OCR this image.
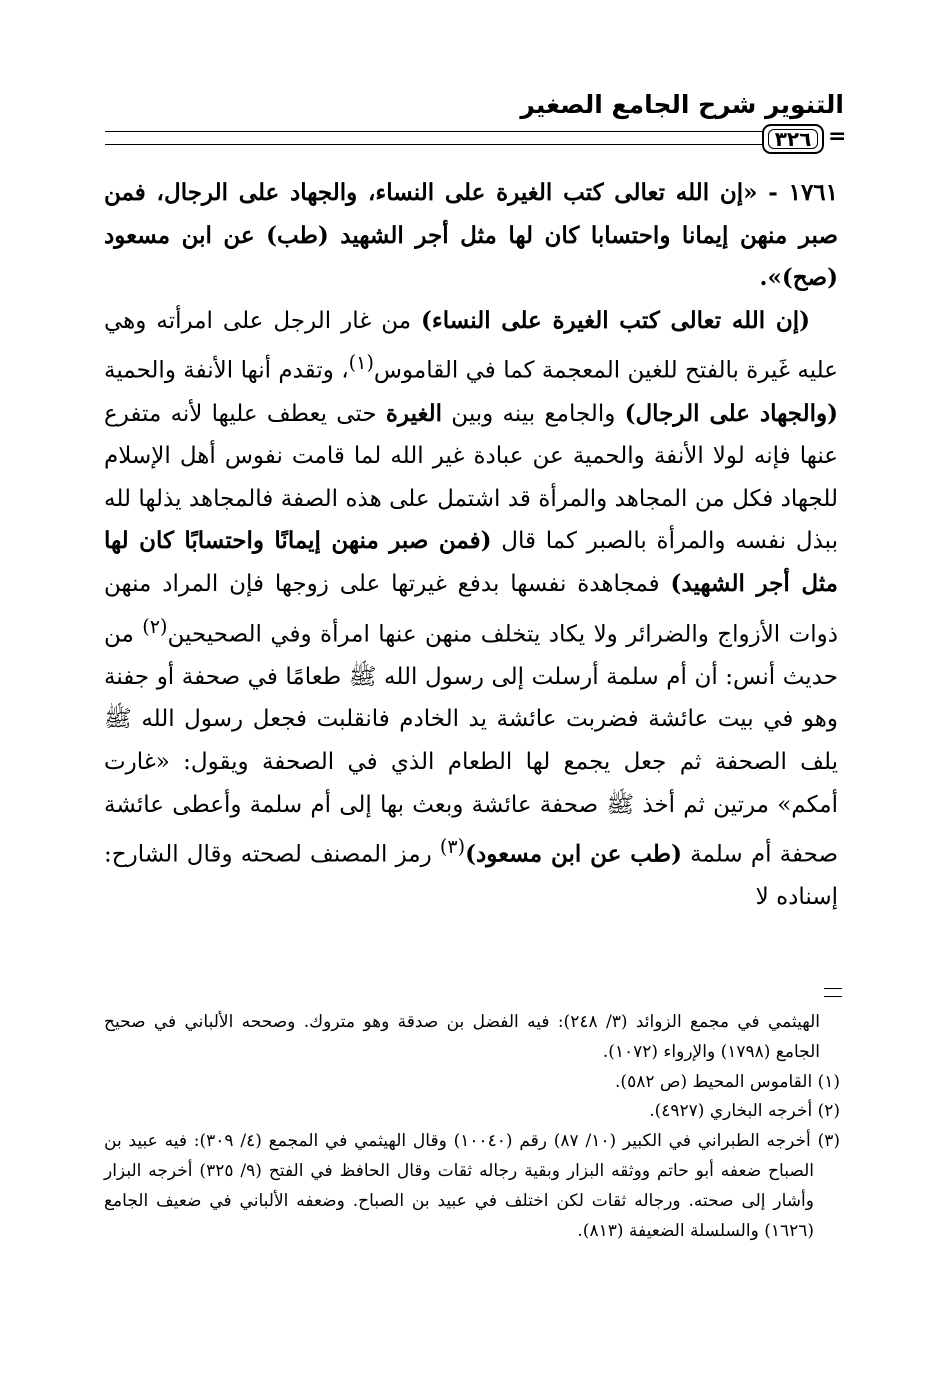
التنوير شرح الجامع الصغير
٣٢٦ =

١٧٦١ - «إن الله تعالى كتب الغيرة على النساء، والجهاد على الرجال، فمن صبر منهن إيمانا واحتسابا كان لها مثل أجر الشهيد (طب) عن ابن مسعود (صح)».

(إن الله تعالى كتب الغيرة على النساء) من غار الرجل على امرأته وهي عليه غَيرة بالفتح للغين المعجمة كما في القاموس$^{(١)}$، وتقدم أنها الأنفة والحمية (والجهاد على الرجال) والجامع بينه وبين الغيرة حتى يعطف عليها لأنه متفرع عنها فإنه لولا الأنفة والحمية عن عبادة غير الله لما قامت نفوس أهل الإسلام للجهاد فكل من المجاهد والمرأة قد اشتمل على هذه الصفة فالمجاهد يذلها لله ببذل نفسه والمرأة بالصبر كما قال (فمن صبر منهن إيمانًا واحتسابًا كان لها مثل أجر الشهيد) فمجاهدة نفسها بدفع غيرتها على زوجها فإن المراد منهن ذوات الأزواج والضرائر ولا يكاد يتخلف منهن عنها امرأة وفي الصحيحين$^{(٢)}$ من حديث أنس: أن أم سلمة أرسلت إلى رسول الله ﷺ طعامًا في صحفة أو جفنة وهو في بيت عائشة فضربت عائشة يد الخادم فانقلبت فجعل رسول الله ﷺ يلف الصحفة ثم جعل يجمع لها الطعام الذي في الصحفة ويقول: «غارت أمكم» مرتين ثم أخذ ﷺ صحفة عائشة وبعث بها إلى أم سلمة وأعطى عائشة صحفة أم سلمة (طب عن ابن مسعود)$^{(٣)}$ رمز المصنف لصحته وقال الشارح: إسناده لا

الهيثمي في مجمع الزوائد (٣/ ٢٤٨): فيه الفضل بن صدقة وهو متروك. وصححه الألباني في صحيح الجامع (١٧٩٨) والإرواء (١٠٧٢).

(١) القاموس المحيط (ص ٥٨٢).

(٢) أخرجه البخاري (٤٩٢٧).

(٣) أخرجه الطبراني في الكبير (١٠/ ٨٧) رقم (١٠٠٤٠) وقال الهيثمي في المجمع (٤/ ٣٠٩): فيه عبيد بن الصباح ضعفه أبو حاتم ووثقه البزار وبقية رجاله ثقات وقال الحافظ في الفتح (٩/ ٣٢٥) أخرجه البزار وأشار إلى صحته. ورجاله ثقات لكن اختلف في عبيد بن الصباح. وضعفه الألباني في ضعيف الجامع (١٦٢٦) والسلسلة الضعيفة (٨١٣).
